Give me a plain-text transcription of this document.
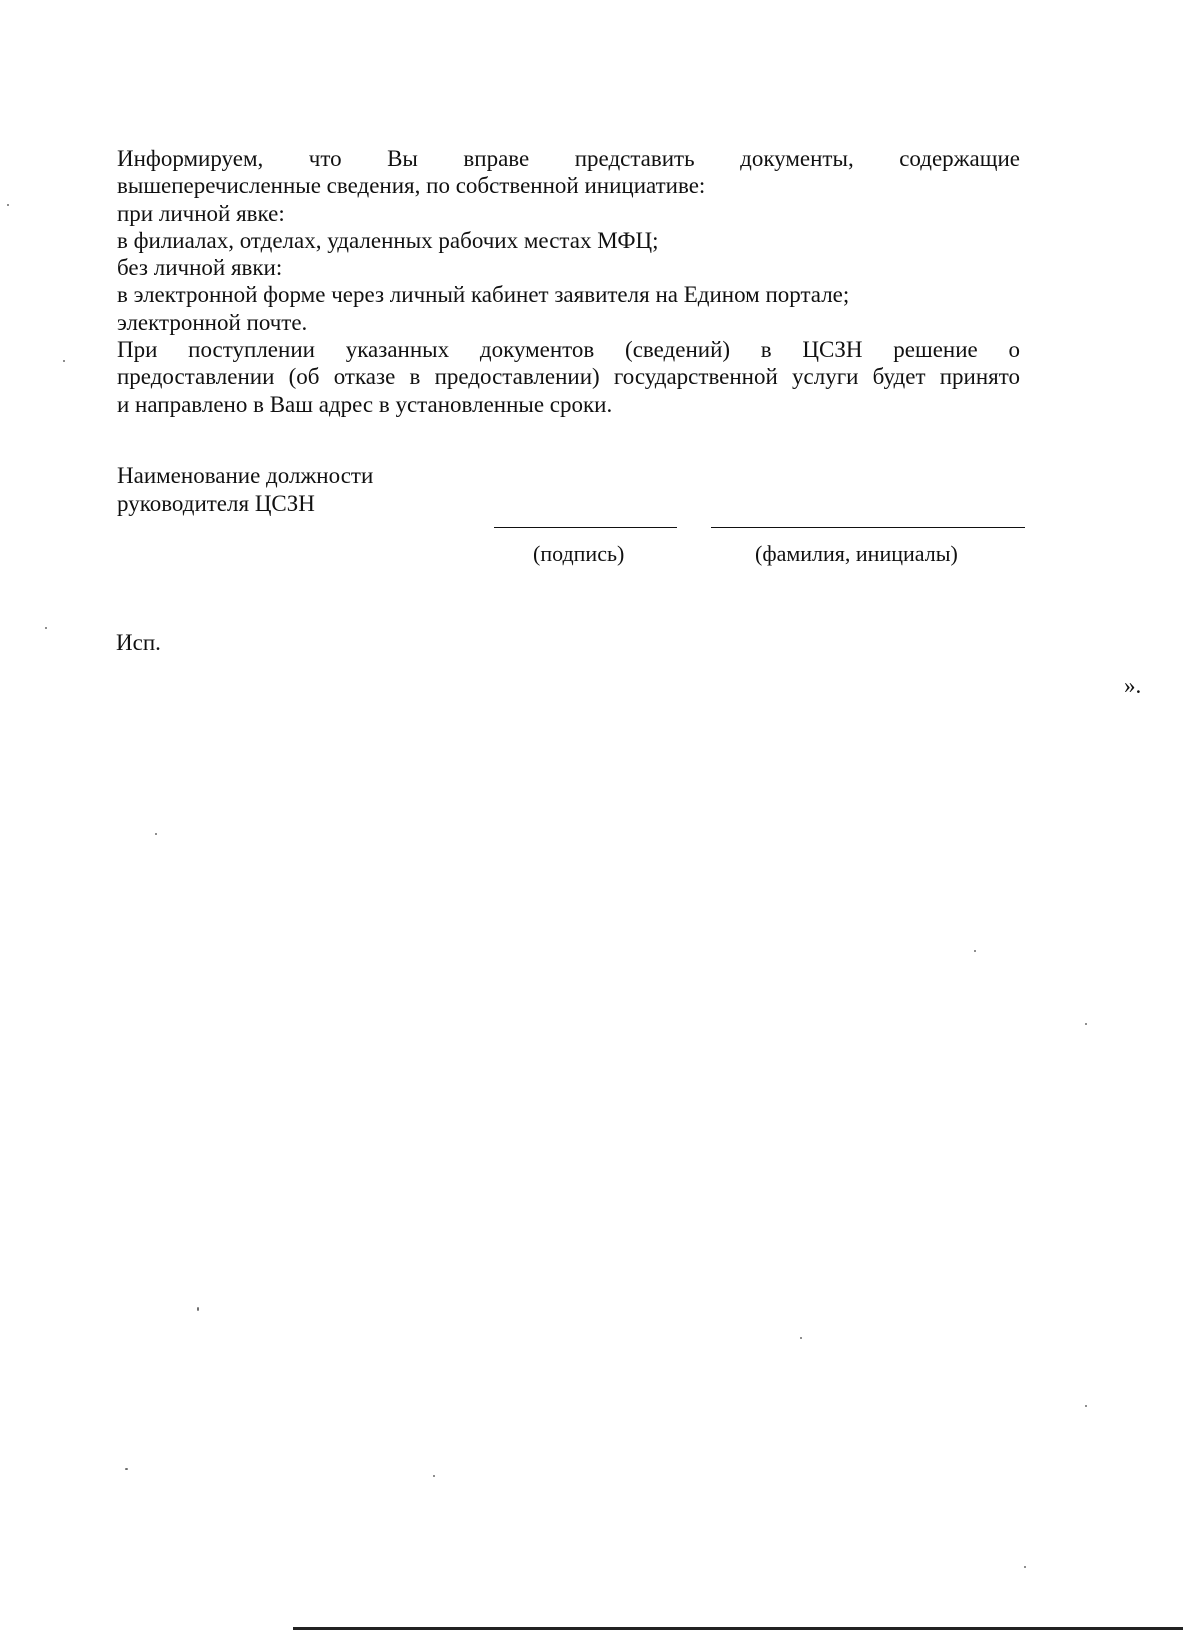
Информируем, что Вы вправе представить документы, содержащие
вышеперечисленные сведения, по собственной инициативе:
при личной явке:
в филиалах, отделах, удаленных рабочих местах МФЦ;
без личной явки:
в электронной форме через личный кабинет заявителя на Едином портале;
электронной почте.
При поступлении указанных документов (сведений) в ЦСЗН решение о
предоставлении (об отказе в предоставлении) государственной услуги будет принято
и направлено в Ваш адрес в установленные сроки.
Наименование должности
руководителя ЦСЗН
(подпись)	(фамилия, инициалы)
Исп.
».
